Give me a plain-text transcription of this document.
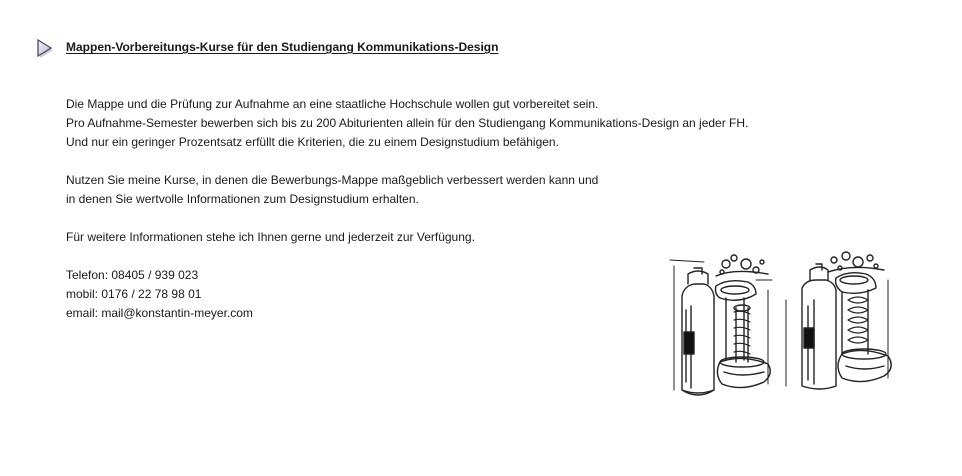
Mappen-Vorbereitungs-Kurse für den Studiengang Kommunikations-Design

Die Mappe und die Prüfung zur Aufnahme an eine staatliche Hochschule wollen gut vorbereitet sein.
Pro Aufnahme-Semester bewerben sich bis zu 200 Abiturienten allein für den Studiengang Kommunikations-Design an jeder FH.
Und nur ein geringer Prozentsatz erfüllt die Kriterien, die zu einem Designstudium befähigen.

Nutzen Sie meine Kurse, in denen die Bewerbungs-Mappe maßgeblich verbessert werden kann und
in denen Sie wertvolle Informationen zum Designstudium erhalten.

Für weitere Informationen stehe ich Ihnen gerne und jederzeit zur Verfügung.

Telefon: 08405 / 939 023
mobil: 0176 / 22 78 98 01
email: mail@konstantin-meyer.com
